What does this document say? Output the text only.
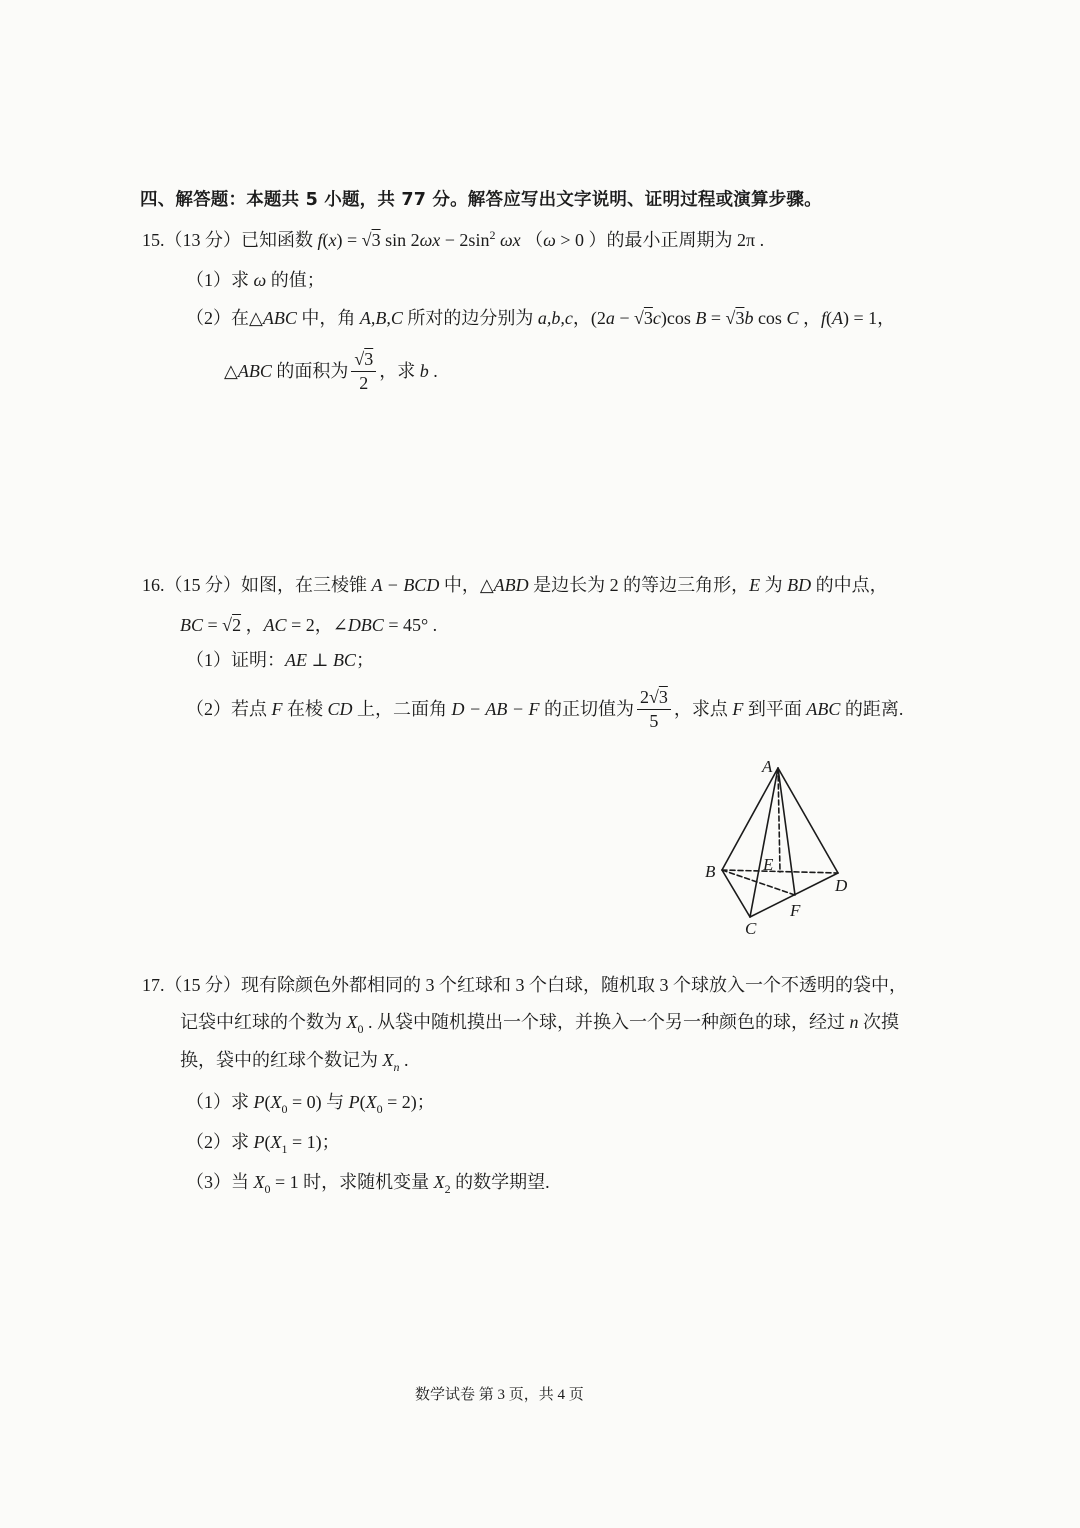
四、解答题：本题共 5 小题，共 77 分。解答应写出文字说明、证明过程或演算步骤。
15.（13 分）已知函数 f ( x ) = √ 3 sin 2 ωx − 2sin 2 ωx （ ω > 0 ）的最小正周期为 2π .
（1）求 ω 的值；
（2）在△ ABC 中，角 A,B,C 所对的边分别为 a,b,c ，(2 a − √ 3 c )cos B = √ 3 b cos C ， f ( A ) = 1，
△ ABC 的面积为 $\frac{√ 3}{2}$ ，求 b .
16.（15 分）如图，在三棱锥 A − BCD 中，△ ABD 是边长为 2 的等边三角形， E 为 BD 的中点，
BC = √ 2 ， AC = 2，∠ DBC = 45° .
（1）证明： AE ⊥ BC ；
（2）若点 F 在棱 CD 上，二面角 D − AB − F 的正切值为 $\frac{2 √ 3}{5}$ ，求点 F 到平面 ABC 的距离.
A
B
C
D
E
F
17.（15 分）现有除颜色外都相同的 3 个红球和 3 个白球，随机取 3 个球放入一个不透明的袋中，
记袋中红球的个数为 X 0 . 从袋中随机摸出一个球，并换入一个另一种颜色的球，经过 n 次摸
换，袋中的红球个数记为 X n .
（1）求 P ( X 0 = 0) 与 P ( X 0 = 2)；
（2）求 P ( X 1 = 1)；
（3）当 X 0 = 1 时，求随机变量 X 2 的数学期望.
数学试卷 第 3 页，共 4 页
